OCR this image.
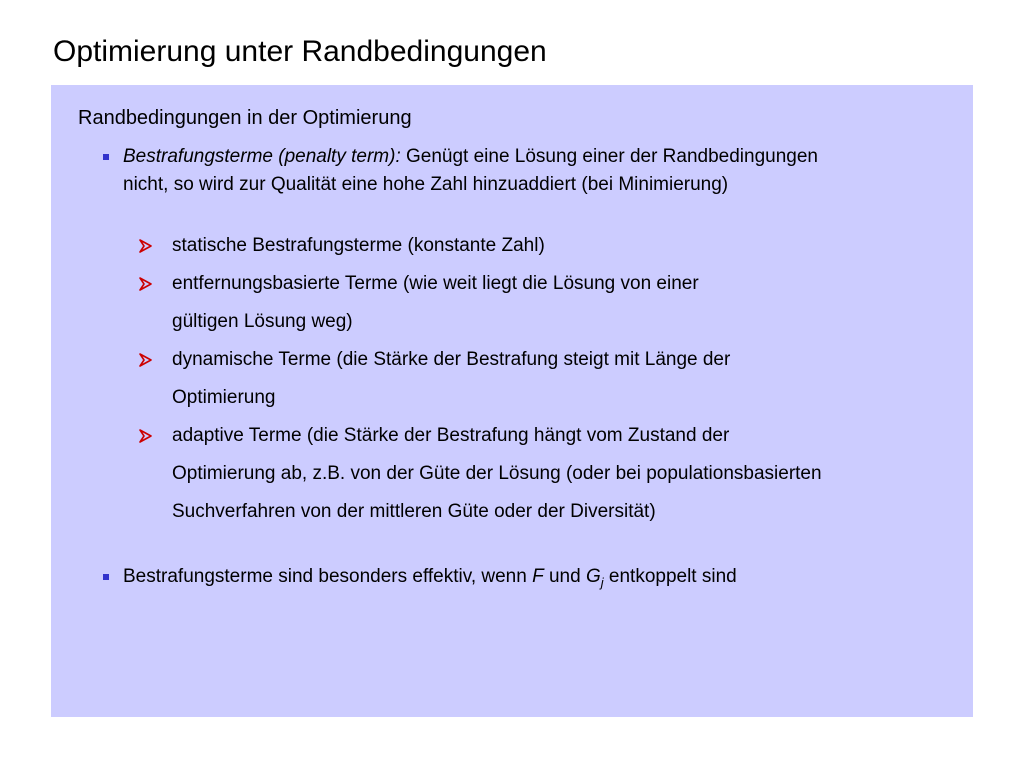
Optimierung unter Randbedingungen
Randbedingungen in der Optimierung
Bestrafungsterme (penalty term): Genügt eine Lösung einer der Randbedingungen
nicht, so wird zur Qualität eine hohe Zahl hinzuaddiert (bei Minimierung)
statische Bestrafungsterme (konstante Zahl)
entfernungsbasierte Terme (wie weit liegt die Lösung von einer
gültigen Lösung weg)
dynamische Terme (die Stärke der Bestrafung steigt mit Länge der
Optimierung
adaptive Terme (die Stärke der Bestrafung hängt vom Zustand der
Optimierung ab, z.B. von der Güte der Lösung (oder bei populationsbasierten
Suchverfahren von der mittleren Güte oder der Diversität)
Bestrafungsterme sind besonders effektiv, wenn F und $G_j$ entkoppelt sind
